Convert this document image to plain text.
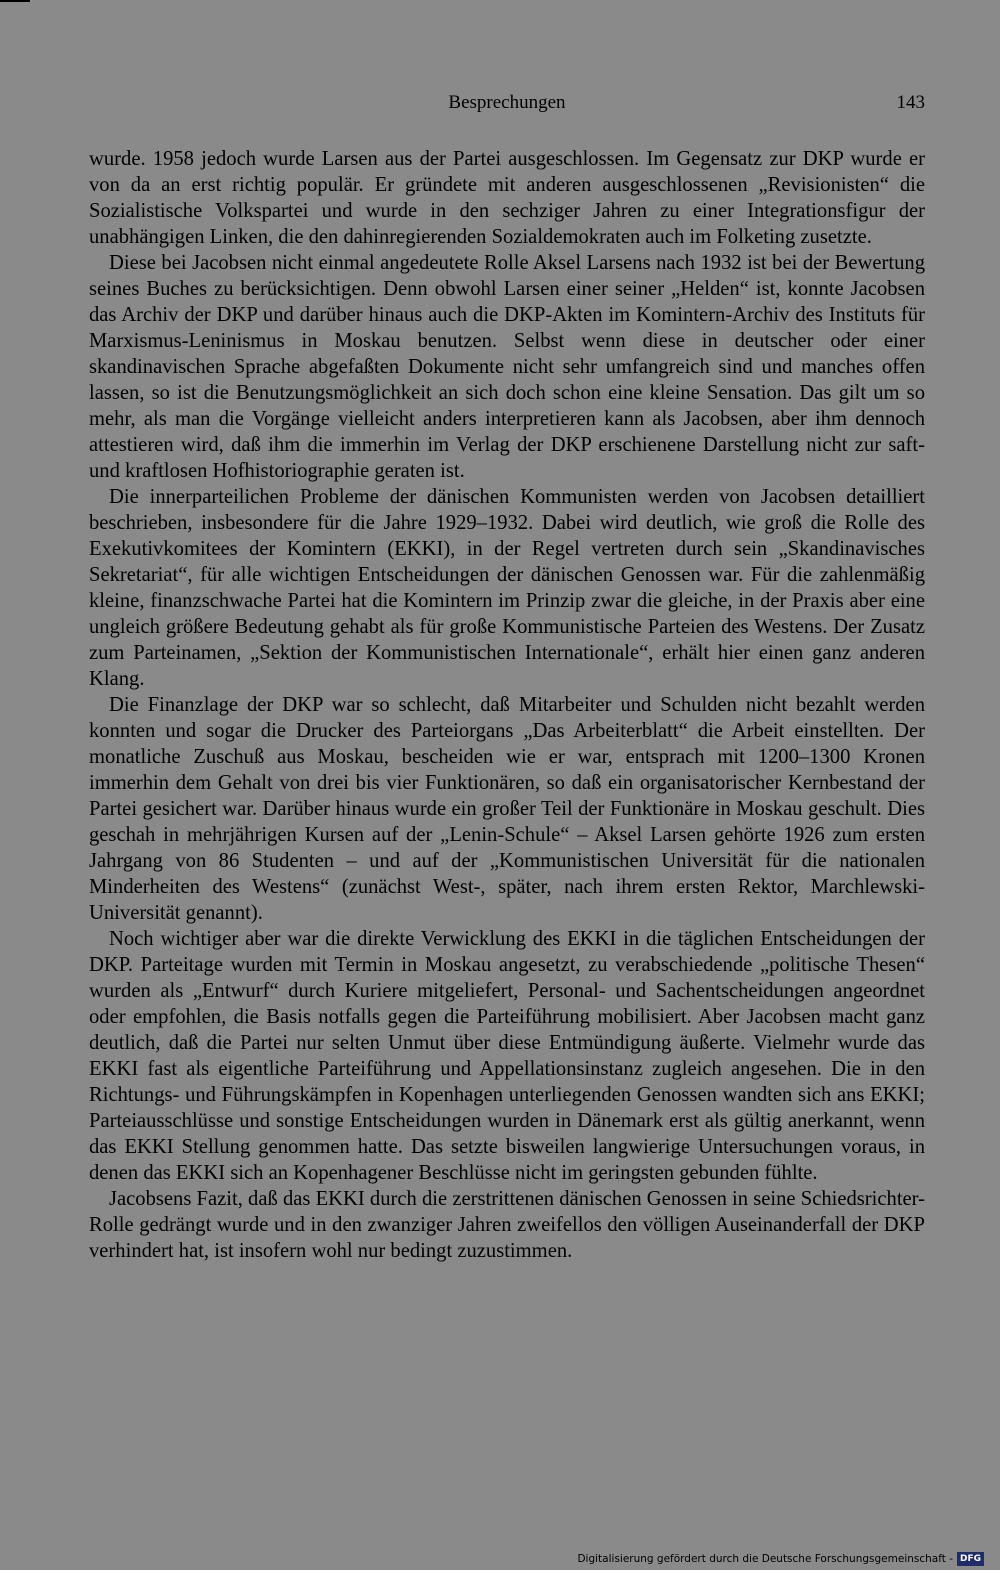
Besprechungen	143

wurde. 1958 jedoch wurde Larsen aus der Partei ausgeschlossen. Im Gegensatz zur DKP wurde er von da an erst richtig populär. Er gründete mit anderen ausgeschlossenen „Revisionisten“ die Sozialistische Volkspartei und wurde in den sechziger Jahren zu einer Integrationsfigur der unabhängigen Linken, die den dahinregierenden Sozialdemokraten auch im Folketing zusetzte.

Diese bei Jacobsen nicht einmal angedeutete Rolle Aksel Larsens nach 1932 ist bei der Bewertung seines Buches zu berücksichtigen. Denn obwohl Larsen einer seiner „Helden“ ist, konnte Jacobsen das Archiv der DKP und darüber hinaus auch die DKP-Akten im Komintern-Archiv des Instituts für Marxismus-Leninismus in Moskau benutzen. Selbst wenn diese in deutscher oder einer skandinavischen Sprache abgefaßten Dokumente nicht sehr umfangreich sind und manches offen lassen, so ist die Benutzungsmöglichkeit an sich doch schon eine kleine Sensation. Das gilt um so mehr, als man die Vorgänge vielleicht anders interpretieren kann als Jacobsen, aber ihm dennoch attestieren wird, daß ihm die immerhin im Verlag der DKP erschienene Darstellung nicht zur saft- und kraftlosen Hofhistoriographie geraten ist.

Die innerparteilichen Probleme der dänischen Kommunisten werden von Jacobsen detailliert beschrieben, insbesondere für die Jahre 1929–1932. Dabei wird deutlich, wie groß die Rolle des Exekutivkomitees der Komintern (EKKI), in der Regel vertreten durch sein „Skandinavisches Sekretariat“, für alle wichtigen Entscheidungen der dänischen Genossen war. Für die zahlenmäßig kleine, finanzschwache Partei hat die Komintern im Prinzip zwar die gleiche, in der Praxis aber eine ungleich größere Bedeutung gehabt als für große Kommunistische Parteien des Westens. Der Zusatz zum Parteinamen, „Sektion der Kommunistischen Internationale“, erhält hier einen ganz anderen Klang.

Die Finanzlage der DKP war so schlecht, daß Mitarbeiter und Schulden nicht bezahlt werden konnten und sogar die Drucker des Parteiorgans „Das Arbeiterblatt“ die Arbeit einstellten. Der monatliche Zuschuß aus Moskau, bescheiden wie er war, entsprach mit 1200–1300 Kronen immerhin dem Gehalt von drei bis vier Funktionären, so daß ein organisatorischer Kernbestand der Partei gesichert war. Darüber hinaus wurde ein großer Teil der Funktionäre in Moskau geschult. Dies geschah in mehrjährigen Kursen auf der „Lenin-Schule“ – Aksel Larsen gehörte 1926 zum ersten Jahrgang von 86 Studenten – und auf der „Kommunistischen Universität für die nationalen Minderheiten des Westens“ (zunächst West-, später, nach ihrem ersten Rektor, Marchlewski-Universität genannt).

Noch wichtiger aber war die direkte Verwicklung des EKKI in die täglichen Entscheidungen der DKP. Parteitage wurden mit Termin in Moskau angesetzt, zu verabschiedende „politische Thesen“ wurden als „Entwurf“ durch Kuriere mitgeliefert, Personal- und Sachentscheidungen angeordnet oder empfohlen, die Basis notfalls gegen die Parteiführung mobilisiert. Aber Jacobsen macht ganz deutlich, daß die Partei nur selten Unmut über diese Entmündigung äußerte. Vielmehr wurde das EKKI fast als eigentliche Parteiführung und Appellationsinstanz zugleich angesehen. Die in den Richtungs- und Führungskämpfen in Kopenhagen unterliegenden Genossen wandten sich ans EKKI; Parteiausschlüsse und sonstige Entscheidungen wurden in Dänemark erst als gültig anerkannt, wenn das EKKI Stellung genommen hatte. Das setzte bisweilen langwierige Untersuchungen voraus, in denen das EKKI sich an Kopenhagener Beschlüsse nicht im geringsten gebunden fühlte.

Jacobsens Fazit, daß das EKKI durch die zerstrittenen dänischen Genossen in seine Schiedsrichter-Rolle gedrängt wurde und in den zwanziger Jahren zweifellos den völligen Auseinanderfall der DKP verhindert hat, ist insofern wohl nur bedingt zuzustimmen.

Digitalisierung gefördert durch die Deutsche Forschungsgemeinschaft - DFG
